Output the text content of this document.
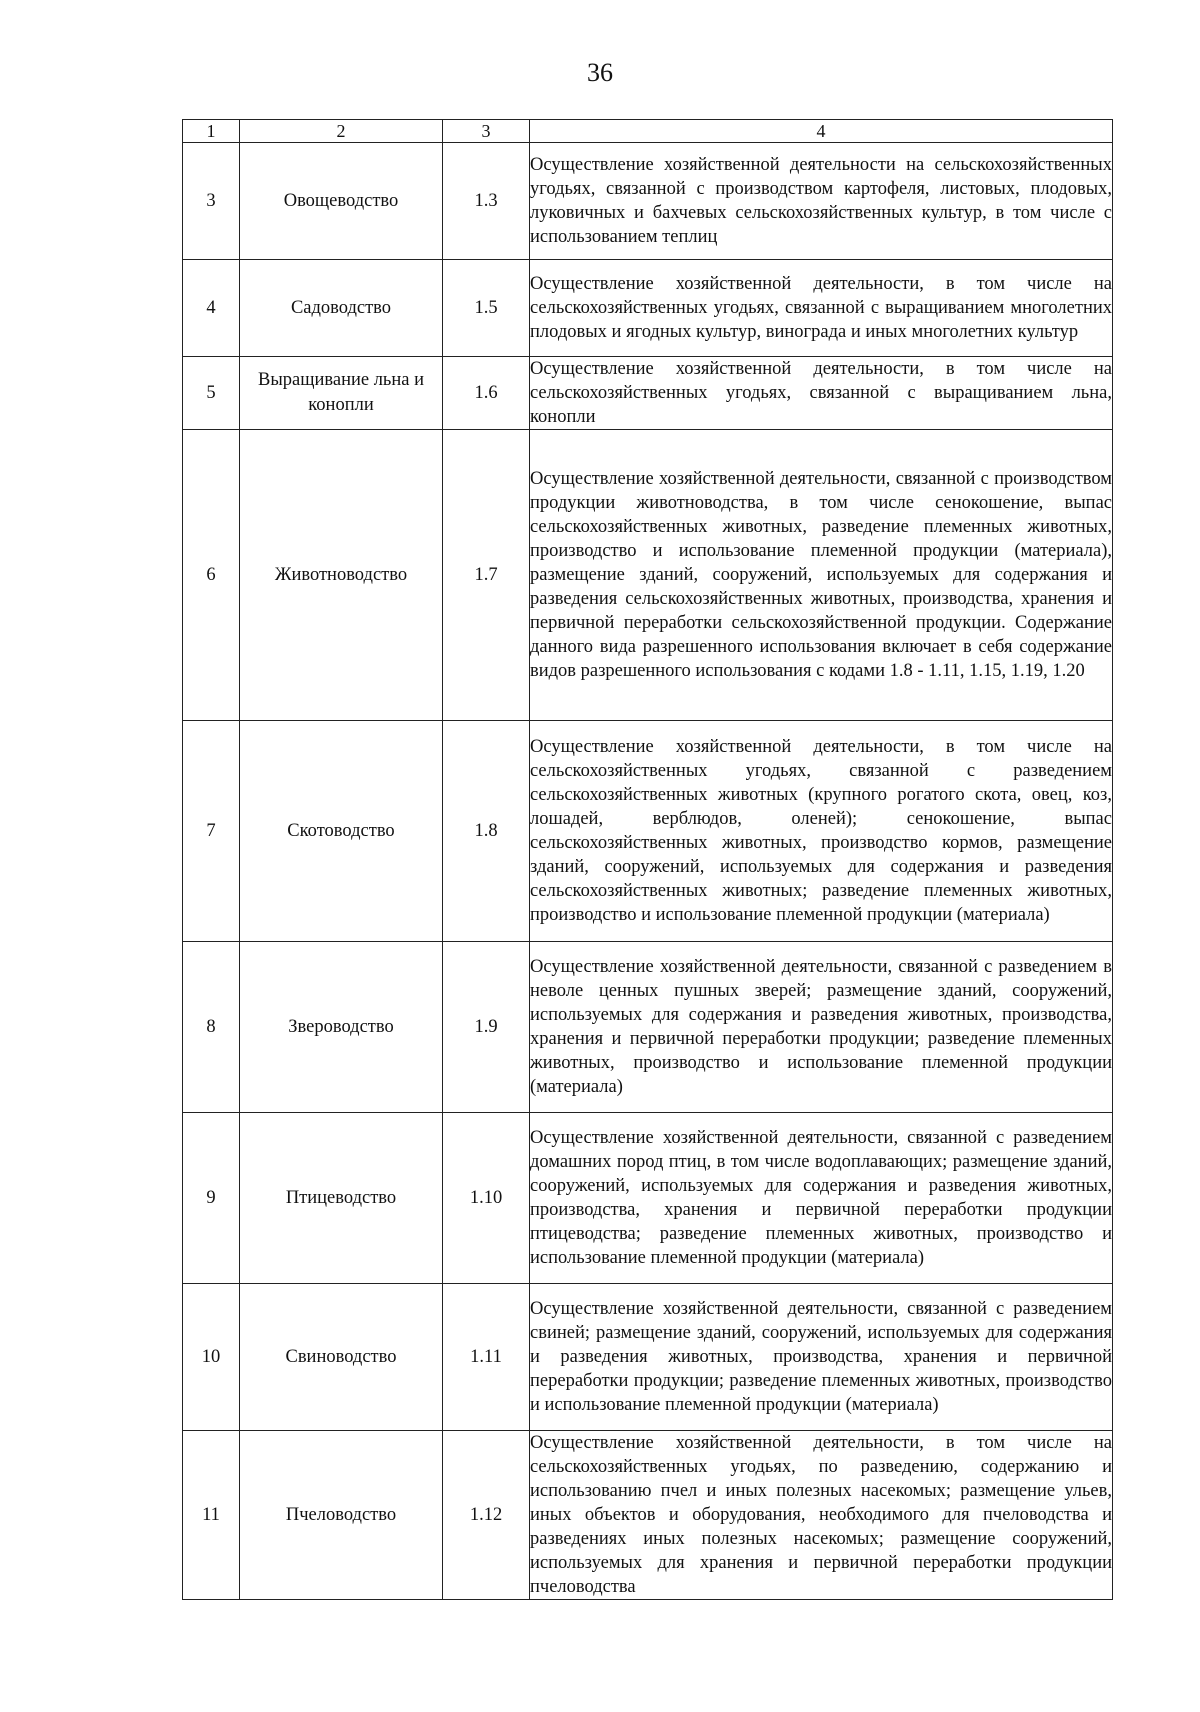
36
1	2	3	4
3	Овощеводство	1.3	Осуществление хозяйственной деятельности на сельскохозяйственных угодьях, связанной с производством картофеля, листовых, плодовых, луковичных и бахчевых сельскохозяйственных культур, в том числе с использованием теплиц
4	Садоводство	1.5	Осуществление хозяйственной деятельности, в том числе на сельскохозяйственных угодьях, связанной с выращиванием многолетних плодовых и ягодных культур, винограда и иных многолетних культур
5	Выращивание льна и конопли	1.6	Осуществление хозяйственной деятельности, в том числе на сельскохозяйственных угодьях, связанной с выращиванием льна, конопли
6	Животноводство	1.7	Осуществление хозяйственной деятельности, связанной с производством продукции животноводства, в том числе сенокошение, выпас сельскохозяйственных животных, разведение племенных животных, производство и использование племенной продукции (материала), размещение зданий, сооружений, используемых для содержания и разведения сельскохозяйственных животных, производства, хранения и первичной переработки сельскохозяйственной продукции. Содержание данного вида разрешенного использования включает в себя содержание видов разрешенного использования с кодами 1.8 - 1.11, 1.15, 1.19, 1.20
7	Скотоводство	1.8	Осуществление хозяйственной деятельности, в том числе на сельскохозяйственных угодьях, связанной с разведением сельскохозяйственных животных (крупного рогатого скота, овец, коз, лошадей, верблюдов, оленей); сенокошение, выпас сельскохозяйственных животных, производство кормов, размещение зданий, сооружений, используемых для содержания и разведения сельскохозяйственных животных; разведение племенных животных, производство и использование племенной продукции (материала)
8	Звероводство	1.9	Осуществление хозяйственной деятельности, связанной с разведением в неволе ценных пушных зверей; размещение зданий, сооружений, используемых для содержания и разведения животных, производства, хранения и первичной переработки продукции; разведение племенных животных, производство и использование племенной продукции (материала)
9	Птицеводство	1.10	Осуществление хозяйственной деятельности, связанной с разведением домашних пород птиц, в том числе водоплавающих; размещение зданий, сооружений, используемых для содержания и разведения животных, производства, хранения и первичной переработки продукции птицеводства; разведение племенных животных, производство и использование племенной продукции (материала)
10	Свиноводство	1.11	Осуществление хозяйственной деятельности, связанной с разведением свиней; размещение зданий, сооружений, используемых для содержания и разведения животных, производства, хранения и первичной переработки продукции; разведение племенных животных, производство и использование племенной продукции (материала)
11	Пчеловодство	1.12	Осуществление хозяйственной деятельности, в том числе на сельскохозяйственных угодьях, по разведению, содержанию и использованию пчел и иных полезных насекомых; размещение ульев, иных объектов и оборудования, необходимого для пчеловодства и разведениях иных полезных насекомых; размещение сооружений, используемых для хранения и первичной переработки продукции пчеловодства
